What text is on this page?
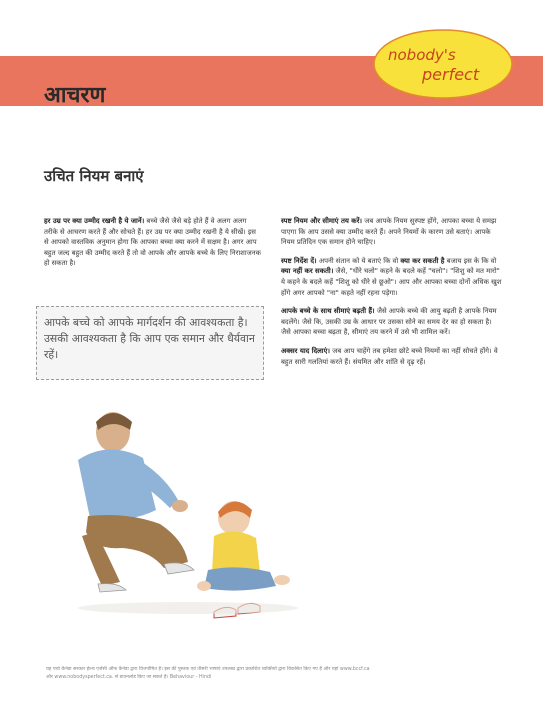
nobody's
perfect
आचरण
उचित नियम बनाएं

हर उम्र पर क्या उम्मीद रखनी है ये जानें। बच्चे जैसे जैसे बड़े होते हैं वे अलग अलग तरीके से आचरण करते हैं और सोचते हैं। हर उम्र पर क्या उम्मीद रखनी है ये सीखें। इस से आपको वास्तविक अनुमान होगा कि आपका बच्चा क्या करने में सक्षम है। अगर आप बहुत जल्द बहुत की उम्मीद करते हैं तो वो आपके और आपके बच्चे के लिए निराशाजनक हो सकता है।

आपके बच्चे को आपके मार्गदर्शन की आवश्यकता है। उसकी आवश्यकता है कि आप एक समान और धैर्यवान रहें।

स्पष्ट नियम और सीमाएं तय करें। जब आपके नियम सुस्पष्ट होंगे, आपका बच्चा ये समझ पाएगा कि आप उससे क्या उम्मीद करते हैं। अपने नियमों के कारण उसे बताएं। आपके नियम प्रतिदिन एक समान होने चाहिए।

स्पष्ट निर्देश दें। अपनी संतान को ये बताएं कि वो क्या कर सकती है बजाय इस के कि वो क्या नहीं कर सकती। जैसे, "धीरे चलो" कहने के बदले कहें "चलो"। "शिशु को मत मारो" ये कहने के बदले कहें "शिशु को धीरे से छूओ"। आप और आपका बच्चा दोनों अधिक खुश होंगे अगर आपको "ना" कहते नहीं रहना पड़ेगा।

आपके बच्चे के साथ सीमाएं बढ़ती हैं। जैसे आपके बच्चे की आयु बढ़ती है आपके नियम बदलेंगे। जैसे कि, उसकी उम्र के आधार पर उसका सोने का समय देर का हो सकता है। जैसे आपका बच्चा बढ़ता है, सीमाएं तय करने में उसे भी शामिल करें।

अक्सर याद दिलाएं। जब आप चाहेंगे तब हमेशा छोटे बच्चे नियमों का नहीं सोचते होंगे। वे बहुत सारी गलतियां करते हैं। संयमित और शांति से दृढ़ रहें।

यह पर्चा कैनेडा सरकार हेल्थ एजेंसी ऑफ कैनेडा द्वारा वित्तपोषित है। इस की पुस्तक एवं तीसरी भाषाएं उपलब्ध द्वारा प्रकाशित व्यक्तियों द्वारा विकसित किए गए हैं और यहां www.bccf.ca
और www.nobodysperfect.ca. से डाउनलोड किए जा सकते हैं। Behaviour - Hindi
